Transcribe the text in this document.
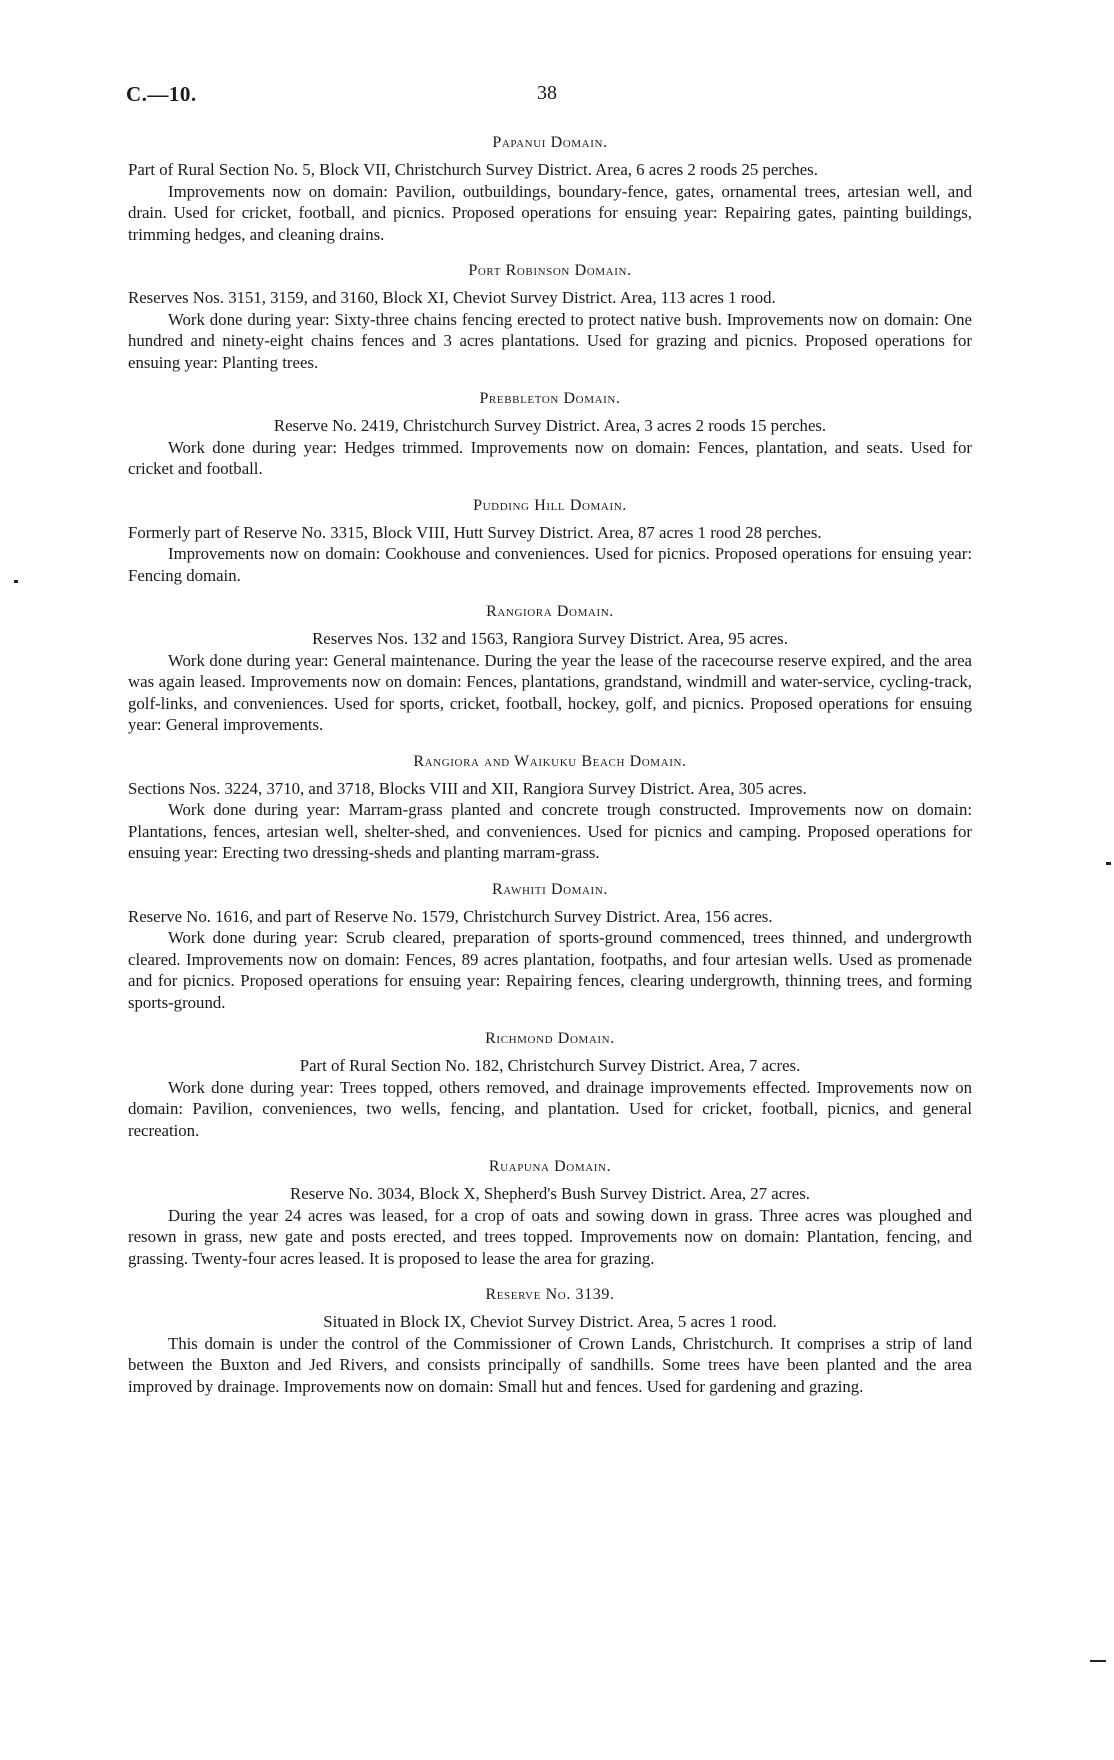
C.—10.	38

Papanui Domain.

Part of Rural Section No. 5, Block VII, Christchurch Survey District. Area, 6 acres 2 roods 25 perches.

Improvements now on domain: Pavilion, outbuildings, boundary-fence, gates, ornamental trees, artesian well, and drain. Used for cricket, football, and picnics. Proposed operations for ensuing year: Repairing gates, painting buildings, trimming hedges, and cleaning drains.

Port Robinson Domain.

Reserves Nos. 3151, 3159, and 3160, Block XI, Cheviot Survey District. Area, 113 acres 1 rood.

Work done during year: Sixty-three chains fencing erected to protect native bush. Improvements now on domain: One hundred and ninety-eight chains fences and 3 acres plantations. Used for grazing and picnics. Proposed operations for ensuing year: Planting trees.

Prebbleton Domain.

Reserve No. 2419, Christchurch Survey District. Area, 3 acres 2 roods 15 perches.

Work done during year: Hedges trimmed. Improvements now on domain: Fences, plantation, and seats. Used for cricket and football.

Pudding Hill Domain.

Formerly part of Reserve No. 3315, Block VIII, Hutt Survey District. Area, 87 acres 1 rood 28 perches.

Improvements now on domain: Cookhouse and conveniences. Used for picnics. Proposed operations for ensuing year: Fencing domain.

Rangiora Domain.

Reserves Nos. 132 and 1563, Rangiora Survey District. Area, 95 acres.

Work done during year: General maintenance. During the year the lease of the racecourse reserve expired, and the area was again leased. Improvements now on domain: Fences, plantations, grandstand, windmill and water-service, cycling-track, golf-links, and conveniences. Used for sports, cricket, football, hockey, golf, and picnics. Proposed operations for ensuing year: General improvements.

Rangiora and Waikuku Beach Domain.

Sections Nos. 3224, 3710, and 3718, Blocks VIII and XII, Rangiora Survey District. Area, 305 acres.

Work done during year: Marram-grass planted and concrete trough constructed. Improvements now on domain: Plantations, fences, artesian well, shelter-shed, and conveniences. Used for picnics and camping. Proposed operations for ensuing year: Erecting two dressing-sheds and planting marram-grass.

Rawhiti Domain.

Reserve No. 1616, and part of Reserve No. 1579, Christchurch Survey District. Area, 156 acres.

Work done during year: Scrub cleared, preparation of sports-ground commenced, trees thinned, and undergrowth cleared. Improvements now on domain: Fences, 89 acres plantation, footpaths, and four artesian wells. Used as promenade and for picnics. Proposed operations for ensuing year: Repairing fences, clearing undergrowth, thinning trees, and forming sports-ground.

Richmond Domain.

Part of Rural Section No. 182, Christchurch Survey District. Area, 7 acres.

Work done during year: Trees topped, others removed, and drainage improvements effected. Improvements now on domain: Pavilion, conveniences, two wells, fencing, and plantation. Used for cricket, football, picnics, and general recreation.

Ruapuna Domain.

Reserve No. 3034, Block X, Shepherd's Bush Survey District. Area, 27 acres.

During the year 24 acres was leased, for a crop of oats and sowing down in grass. Three acres was ploughed and resown in grass, new gate and posts erected, and trees topped. Improvements now on domain: Plantation, fencing, and grassing. Twenty-four acres leased. It is proposed to lease the area for grazing.

Reserve No. 3139.

Situated in Block IX, Cheviot Survey District. Area, 5 acres 1 rood.

This domain is under the control of the Commissioner of Crown Lands, Christchurch. It comprises a strip of land between the Buxton and Jed Rivers, and consists principally of sandhills. Some trees have been planted and the area improved by drainage. Improvements now on domain: Small hut and fences. Used for gardening and grazing.
